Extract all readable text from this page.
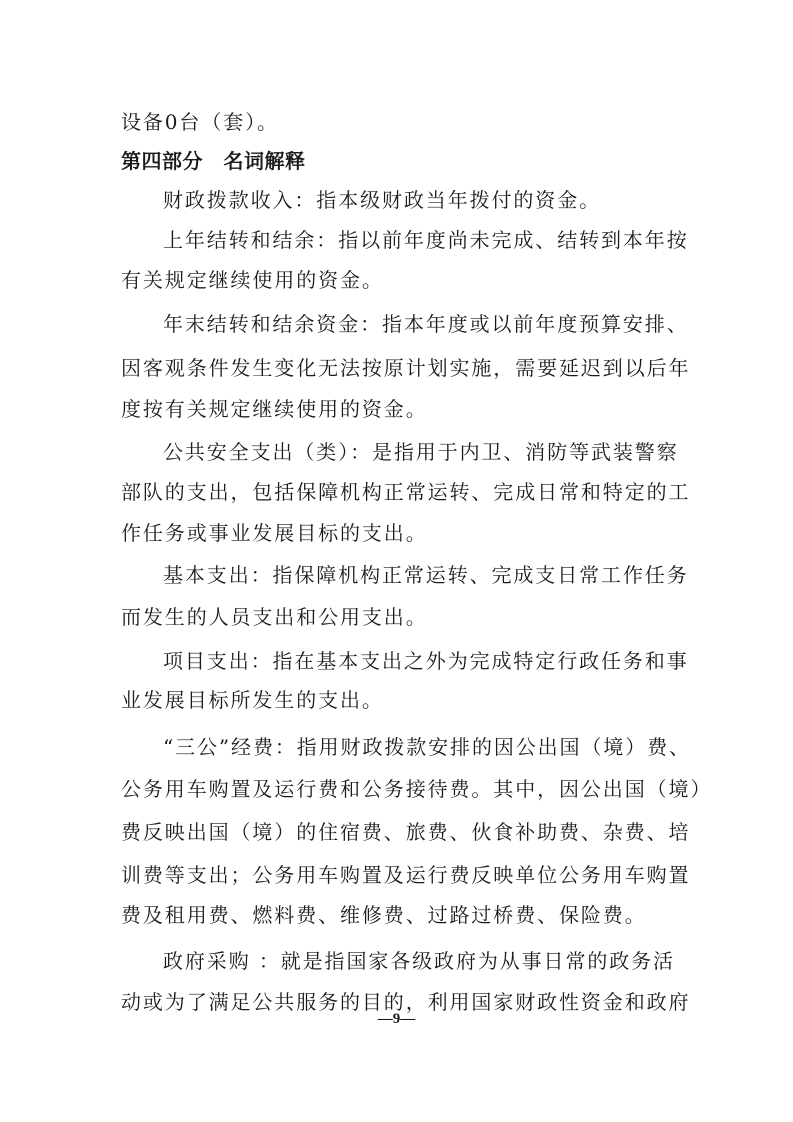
设备0台（套）。
第四部分　名词解释
财政拨款收入：指本级财政当年拨付的资金。
上年结转和结余：指以前年度尚未完成、结转到本年按
有关规定继续使用的资金。
年末结转和结余资金：指本年度或以前年度预算安排、
因客观条件发生变化无法按原计划实施，需要延迟到以后年
度按有关规定继续使用的资金。
公共安全支出（类）：是指用于内卫、消防等武装警察
部队的支出，包括保障机构正常运转、完成日常和特定的工
作任务或事业发展目标的支出。
基本支出：指保障机构正常运转、完成支日常工作任务
而发生的人员支出和公用支出。
项目支出：指在基本支出之外为完成特定行政任务和事
业发展目标所发生的支出。
“三公”经费：指用财政拨款安排的因公出国（境）费、
公务用车购置及运行费和公务接待费。其中，因公出国（境）
费反映出国（境）的住宿费、旅费、伙食补助费、杂费、培
训费等支出；公务用车购置及运行费反映单位公务用车购置
费及租用费、燃料费、维修费、过路过桥费、保险费。
政府采购 ：就是指国家各级政府为从事日常的政务活
动或为了满足公共服务的目的，利用国家财政性资金和政府
—9—
